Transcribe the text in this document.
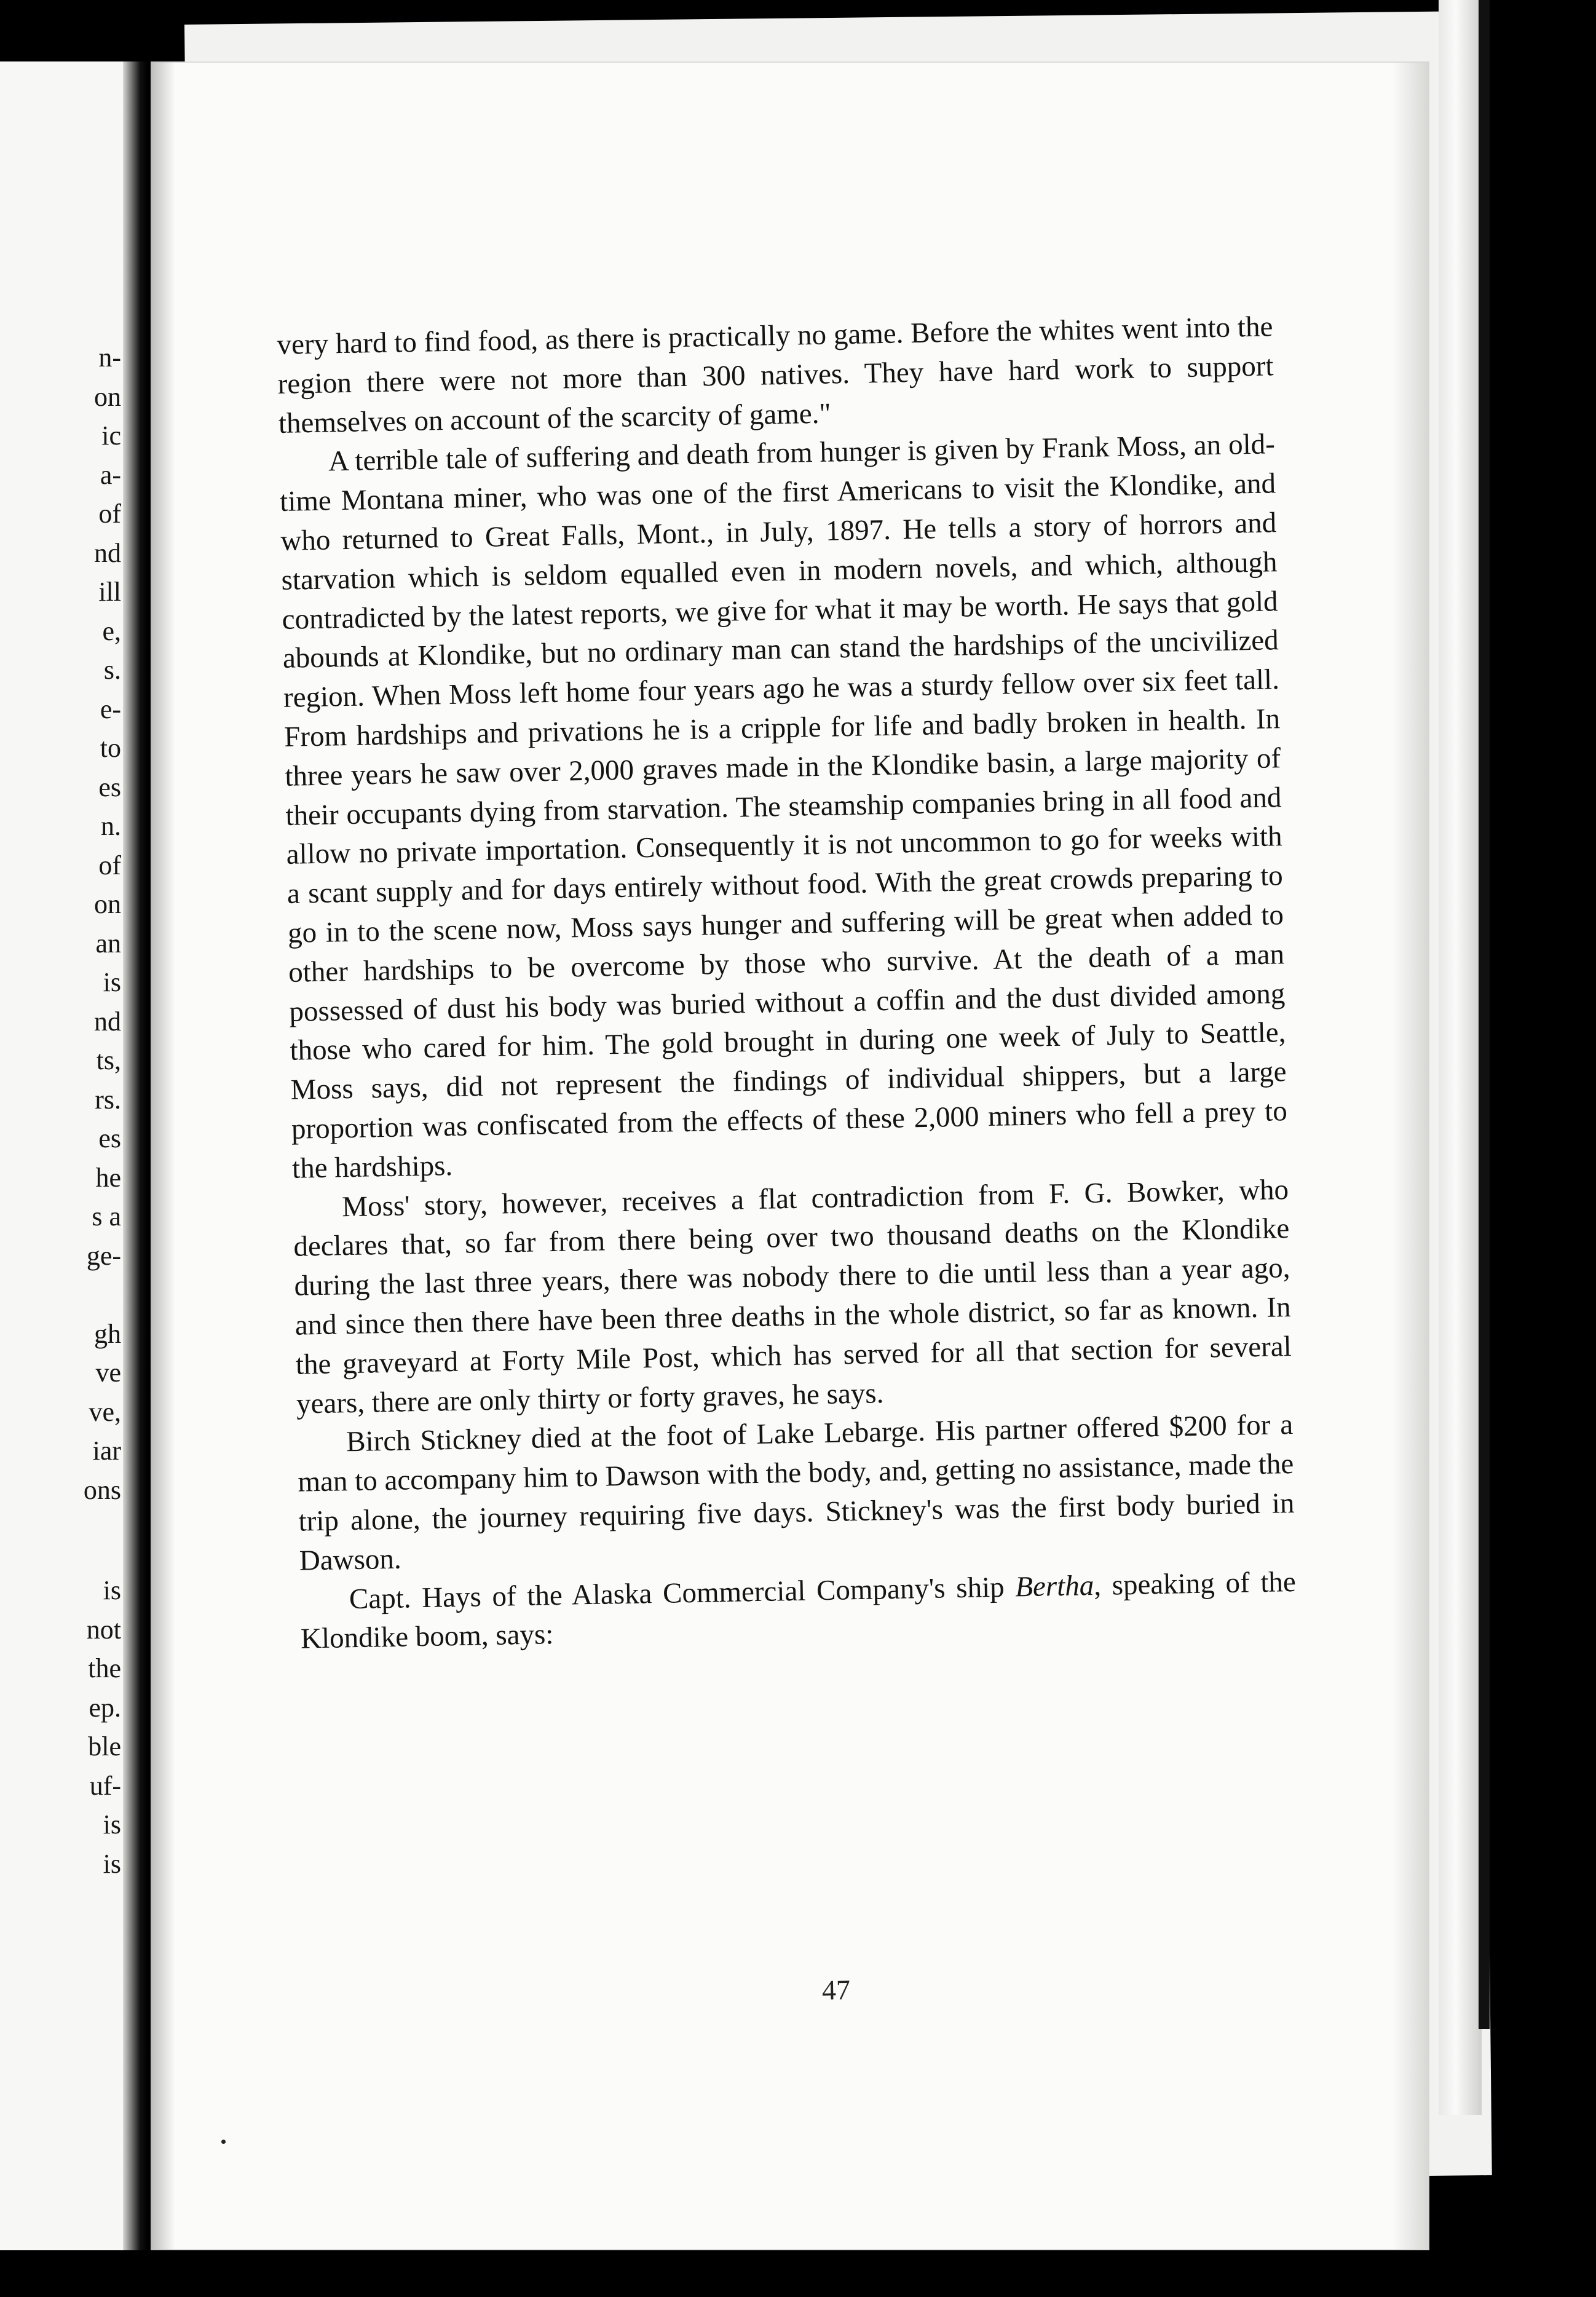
n-
on
ic
a-
of
nd
ill
e,
s.
e-
to
es
n.
of
on
an
is
nd
ts,
rs.
es
he
s a
ge-
gh
ve
ve,
iar
ons
is
not
the
ep.
ble
uf-
is
is

very hard to find food, as there is practically no game. Before the whites went into the region there were not more than 300 natives. They have hard work to support themselves on account of the scarcity of game."

A terrible tale of suffering and death from hunger is given by Frank Moss, an old-time Montana miner, who was one of the first Americans to visit the Klondike, and who returned to Great Falls, Mont., in July, 1897. He tells a story of horrors and starvation which is seldom equalled even in modern novels, and which, although contradicted by the latest reports, we give for what it may be worth. He says that gold abounds at Klondike, but no ordinary man can stand the hardships of the uncivilized region. When Moss left home four years ago he was a sturdy fellow over six feet tall. From hardships and privations he is a cripple for life and badly broken in health. In three years he saw over 2,000 graves made in the Klondike basin, a large majority of their occupants dying from starvation. The steamship companies bring in all food and allow no private importation. Consequently it is not uncommon to go for weeks with a scant supply and for days entirely without food. With the great crowds preparing to go in to the scene now, Moss says hunger and suffering will be great when added to other hardships to be overcome by those who survive. At the death of a man possessed of dust his body was buried without a coffin and the dust divided among those who cared for him. The gold brought in during one week of July to Seattle, Moss says, did not represent the findings of individual shippers, but a large proportion was confiscated from the effects of these 2,000 miners who fell a prey to the hardships.

Moss' story, however, receives a flat contradiction from F. G. Bowker, who declares that, so far from there being over two thousand deaths on the Klondike during the last three years, there was nobody there to die until less than a year ago, and since then there have been three deaths in the whole district, so far as known. In the graveyard at Forty Mile Post, which has served for all that section for several years, there are only thirty or forty graves, he says.

Birch Stickney died at the foot of Lake Lebarge. His partner offered $200 for a man to accompany him to Dawson with the body, and, getting no assistance, made the trip alone, the journey requiring five days. Stickney's was the first body buried in Dawson.

Capt. Hays of the Alaska Commercial Company's ship Bertha, speaking of the Klondike boom, says:

47
